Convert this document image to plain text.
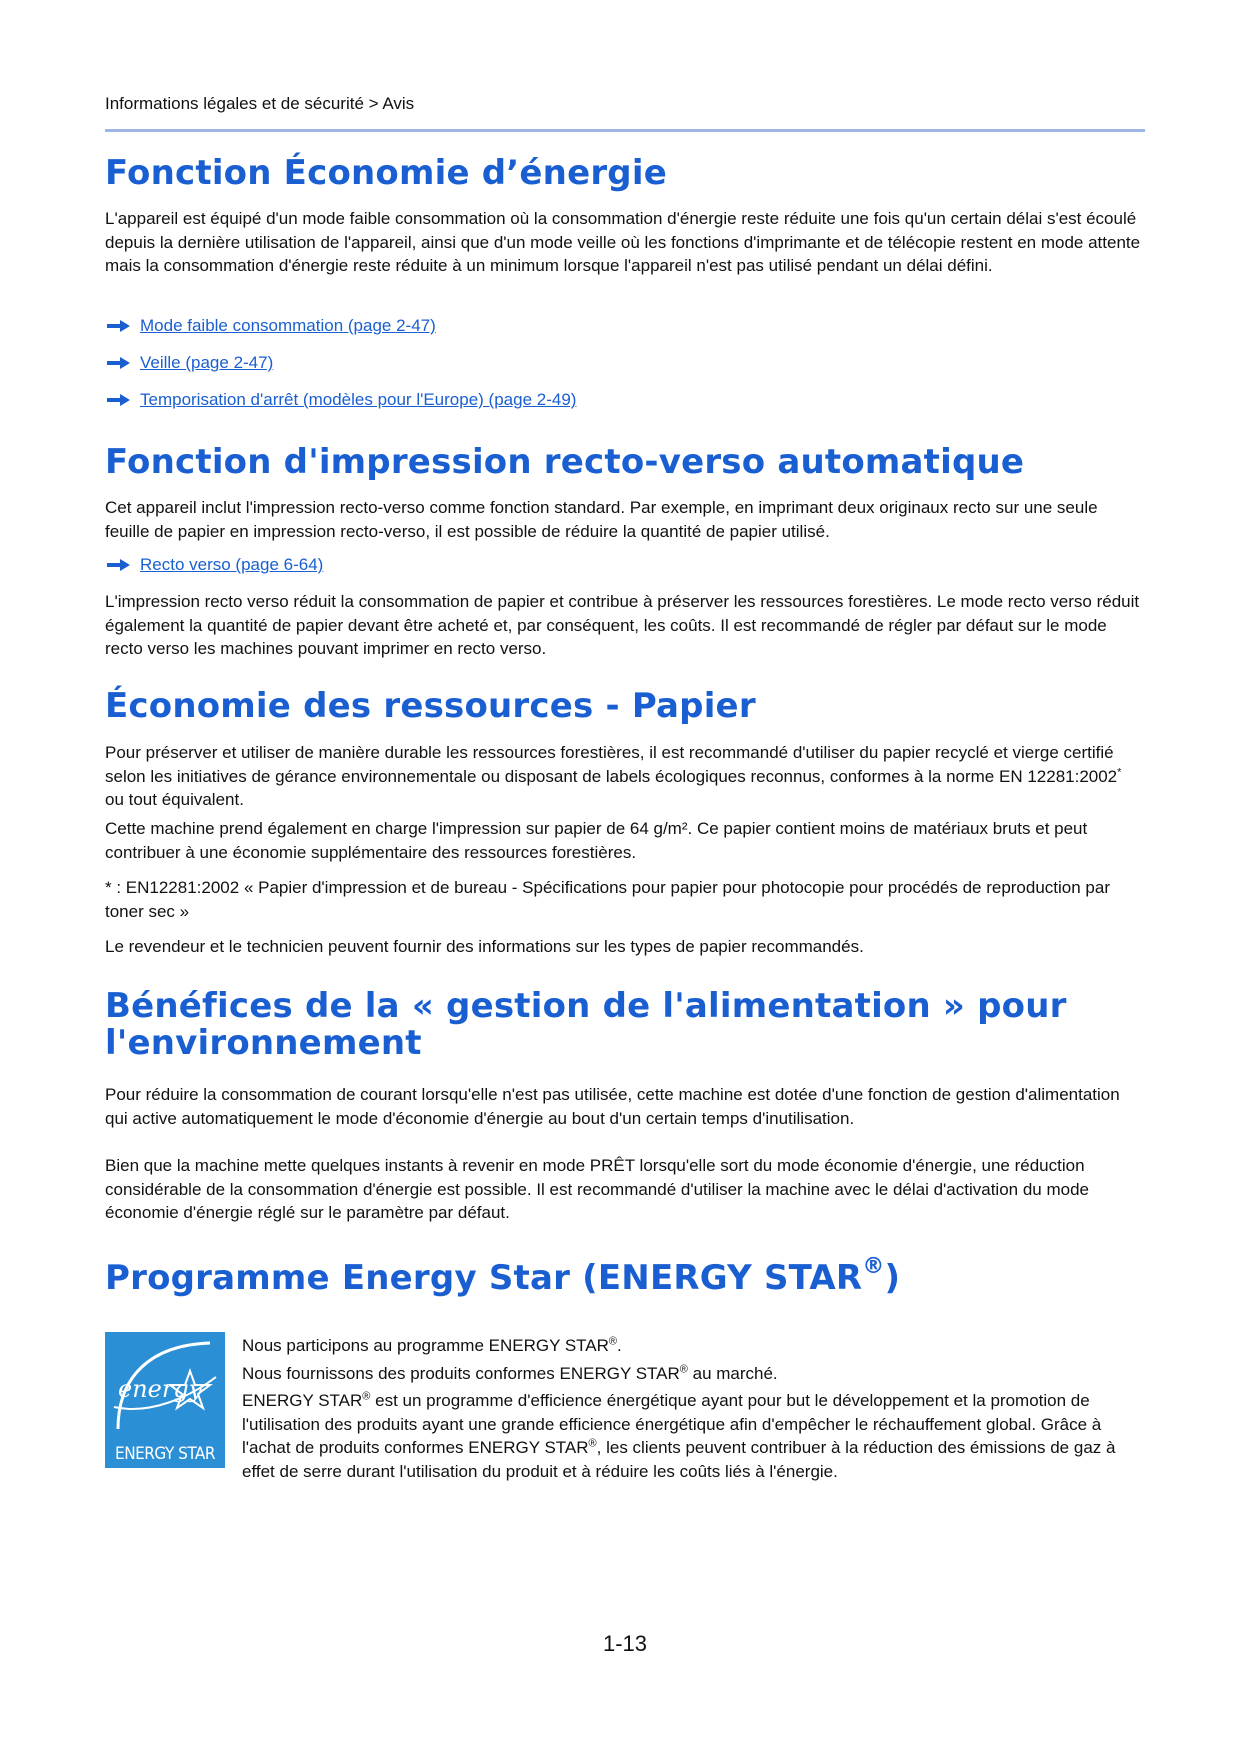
Informations légales et de sécurité > Avis
Fonction Économie d’énergie

L'appareil est équipé d'un mode faible consommation où la consommation d'énergie reste réduite une fois qu'un certain délai s'est écoulé depuis la dernière utilisation de l'appareil, ainsi que d'un mode veille où les fonctions d'imprimante et de télécopie restent en mode attente mais la consommation d'énergie reste réduite à un minimum lorsque l'appareil n'est pas utilisé pendant un délai défini.

Mode faible consommation (page 2-47)
Veille (page 2-47)
Temporisation d'arrêt (modèles pour l'Europe) (page 2-49)
Fonction d'impression recto-verso automatique

Cet appareil inclut l'impression recto-verso comme fonction standard. Par exemple, en imprimant deux originaux recto sur une seule feuille de papier en impression recto-verso, il est possible de réduire la quantité de papier utilisé.

Recto verso (page 6-64)

L'impression recto verso réduit la consommation de papier et contribue à préserver les ressources forestières. Le mode recto verso réduit également la quantité de papier devant être acheté et, par conséquent, les coûts. Il est recommandé de régler par défaut sur le mode recto verso les machines pouvant imprimer en recto verso.

Économie des ressources - Papier

Pour préserver et utiliser de manière durable les ressources forestières, il est recommandé d'utiliser du papier recyclé et vierge certifié selon les initiatives de gérance environnementale ou disposant de labels écologiques reconnus, conformes à la norme EN 12281:2002* ou tout équivalent.

Cette machine prend également en charge l'impression sur papier de 64 g/m². Ce papier contient moins de matériaux bruts et peut contribuer à une économie supplémentaire des ressources forestières.

* : EN12281:2002 « Papier d'impression et de bureau - Spécifications pour papier pour photocopie pour procédés de reproduction par toner sec »

Le revendeur et le technicien peuvent fournir des informations sur les types de papier recommandés.

Bénéfices de la « gestion de l'alimentation » pour l'environnement

Pour réduire la consommation de courant lorsqu'elle n'est pas utilisée, cette machine est dotée d'une fonction de gestion d'alimentation qui active automatiquement le mode d'économie d'énergie au bout d'un certain temps d'inutilisation.

Bien que la machine mette quelques instants à revenir en mode PRÊT lorsqu'elle sort du mode économie d'énergie, une réduction considérable de la consommation d'énergie est possible. Il est recommandé d'utiliser la machine avec le délai d'activation du mode économie d'énergie réglé sur le paramètre par défaut.

Programme Energy Star (ENERGY STAR®)
energy
ENERGY STAR

Nous participons au programme ENERGY STAR®.

Nous fournissons des produits conformes ENERGY STAR® au marché.

ENERGY STAR® est un programme d'efficience énergétique ayant pour but le développement et la promotion de l'utilisation des produits ayant une grande efficience énergétique afin d'empêcher le réchauffement global. Grâce à l'achat de produits conformes ENERGY STAR®, les clients peuvent contribuer à la réduction des émissions de gaz à effet de serre durant l'utilisation du produit et à réduire les coûts liés à l'énergie.

1-13
